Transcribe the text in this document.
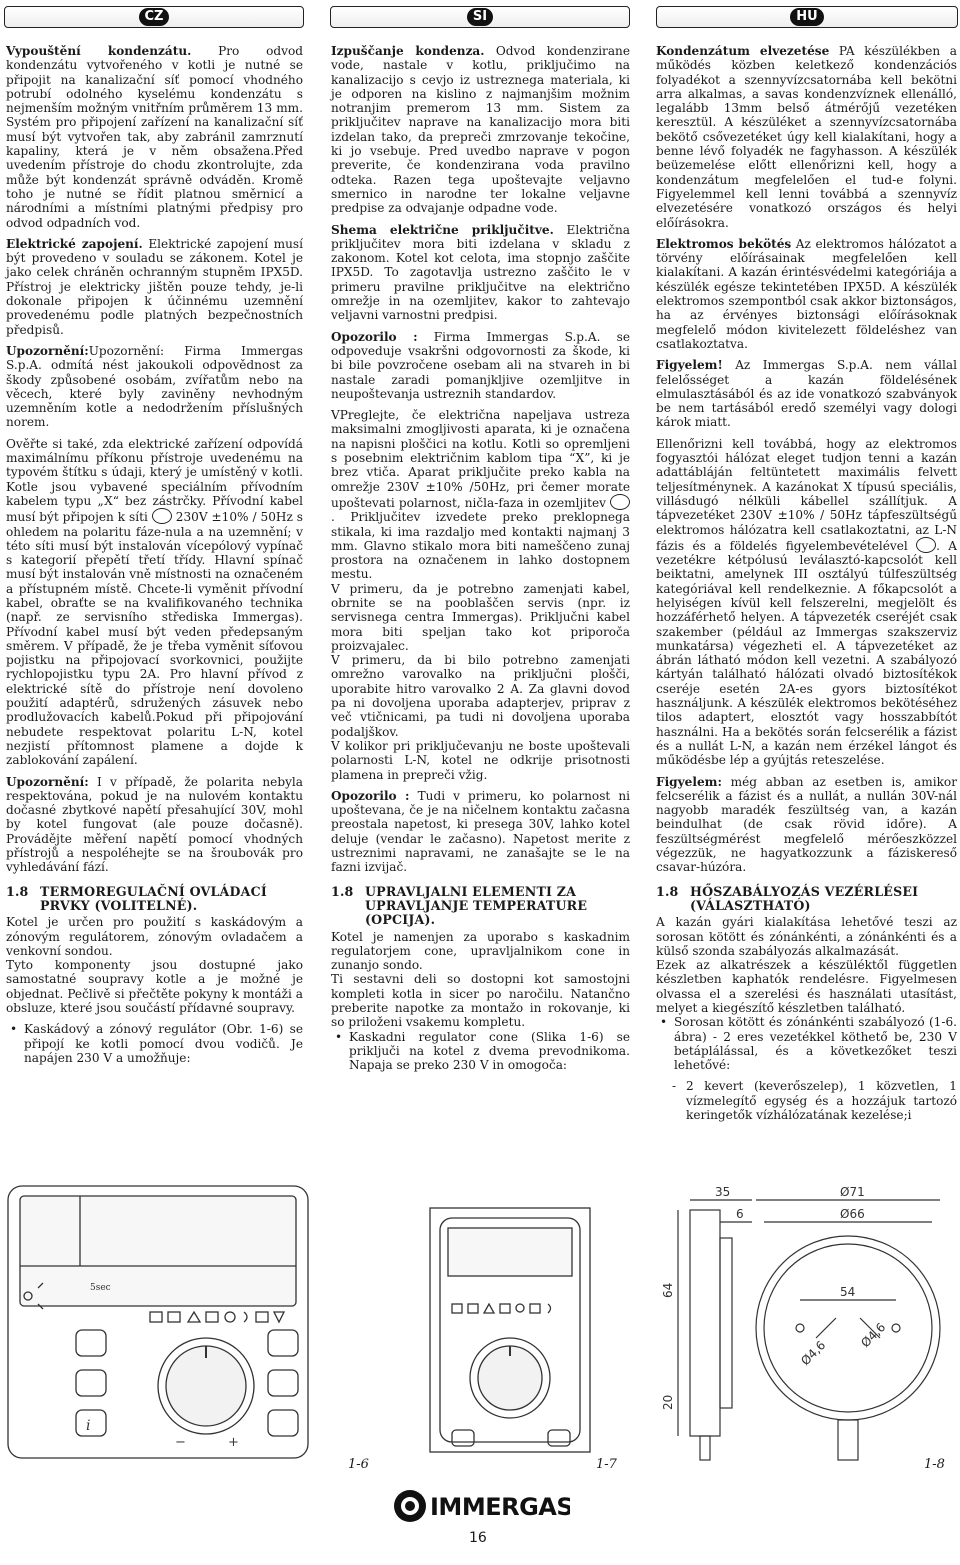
CZ	SI	HU

Vypouštění kondenzátu. Pro odvod kondenzátu vytvořeného v kotli je nutné se připojit na kanalizační síť pomocí vhodného potrubí odolného kyselému kondenzátu s nejmenším možným vnitřním průměrem 13 mm. Systém pro připojení zařízení na kanalizační síť musí být vytvořen tak, aby zabránil zamrznutí kapaliny, která je v něm obsažena.Před uvedením přístroje do chodu zkontrolujte, zda může být kondenzát správně odváděn. Kromě toho je nutné se řídit platnou směrnicí a národními a místními platnými předpisy pro odvod odpadních vod.

Elektrické zapojení. Elektrické zapojení musí být provedeno v souladu se zákonem. Kotel je jako celek chráněn ochranným stupněm IPX5D. Přístroj je elektricky jištěn pouze tehdy, je-li dokonale připojen k účinnému uzemnění provedenému podle platných bezpečnostních předpisů.

Upozornění:Upozornění: Firma Immergas S.p.A. odmítá nést jakoukoli odpovědnost za škody způsobené osobám, zvířatům nebo na věcech, které byly zaviněny nevhodným uzemněním kotle a nedodržením příslušných norem.

Ověřte si také, zda elektrické zařízení odpovídá maximálnímu příkonu přístroje uvedenému na typovém štítku s údaji, který je umístěný v kotli. Kotle jsou vybavené speciálním přívodním kabelem typu „X“ bez zástrčky. Přívodní kabel musí být připojen k síti  230V ±10% / 50Hz s ohledem na polaritu fáze-nula a na uzemnění; v této síti musí být instalován vícepólový vypínač s kategorií přepětí třetí třídy. Hlavní spínač musí být instalován vně místnosti na označeném a přístupném místě. Chcete-li vyměnit přívodní kabel, obraťte se na kvalifikovaného technika (např. ze servisního střediska Immergas). Přívodní kabel musí být veden předepsaným směrem. V případě, že je třeba vyměnit síťovou pojistku na připojovací svorkovnici, použijte rychlopojistku typu 2A. Pro hlavní přívod z elektrické sítě do přístroje není dovoleno použití adaptérů, sdružených zásuvek nebo prodlužovacích kabelů.Pokud při připojování nebudete respektovat polaritu L-N, kotel nezjistí přítomnost plamene a dojde k zablokování zapálení.

Upozornění: I v případě, že polarita nebyla respektována, pokud je na nulovém kontaktu dočasné zbytkové napětí přesahující 30V, mohl by kotel fungovat (ale pouze dočasně). Provádějte měření napětí pomocí vhodných přístrojů a nespoléhejte se na šroubovák pro vyhledávání fází.

1.8 TERMOREGULAČNÍ OVLÁDACÍ PRVKY (VOLITELNÉ).

Kotel je určen pro použití s kaskádovým a zónovým regulátorem, zónovým ovladačem a venkovní sondou.

Tyto komponenty jsou dostupné jako samostatné soupravy kotle a je možné je objednat. Pečlivě si přečtěte pokyny k montáži a obsluze, které jsou součástí přídavné soupravy.

• Kaskádový a zónový regulátor (Obr. 1-6) se připojí ke kotli pomocí dvou vodičů. Je napájen 230 V a umožňuje:

Izpuščanje kondenza. Odvod kondenzirane vode, nastale v kotlu, priključimo na kanalizacijo s cevjo iz ustreznega materiala, ki je odporen na kislino z najmanjšim možnim notranjim premerom 13 mm. Sistem za priključitev naprave na kanalizacijo mora biti izdelan tako, da prepreči zmrzovanje tekočine, ki jo vsebuje. Pred uvedbo naprave v pogon preverite, če kondenzirana voda pravilno odteka. Razen tega upoštevajte veljavno smernico in narodne ter lokalne veljavne predpise za odvajanje odpadne vode.

Shema električne priključitve. Električna priključitev mora biti izdelana v skladu z zakonom. Kotel kot celota, ima stopnjo zaščite IPX5D. To zagotavlja ustrezno zaščito le v primeru pravilne priključitve na električno omrežje in na ozemljitev, kakor to zahtevajo veljavni varnostni predpisi.

Opozorilo : Firma Immergas S.p.A. se odpoveduje vsakršni odgovornosti za škode, ki bi bile povzročene osebam ali na stvareh in bi nastale zaradi pomanjkljive ozemljitve in neupoštevanja ustreznih standardov.

VPreglejte, če električna napeljava ustreza maksimalni zmogljivosti aparata, ki je označena na napisni ploščici na kotlu. Kotli so opremljeni s posebnim električnim kablom tipa “X”, ki je brez vtiča. Aparat priključite preko kabla na omrežje 230V ±10% /50Hz, pri čemer morate upoštevati polarnost, ničla-faza in ozemljitev . Priključitev izvedete preko preklopnega stikala, ki ima razdaljo med kontakti najmanj 3 mm. Glavno stikalo mora biti nameščeno zunaj prostora na označenem in lahko dostopnem mestu.

V primeru, da je potrebno zamenjati kabel, obrnite se na pooblaščen servis (npr. iz servisnega centra Immergas). Priključni kabel mora biti speljan tako kot priporoča proizvajalec.

V primeru, da bi bilo potrebno zamenjati omrežno varovalko na priključni plošči, uporabite hitro varovalko 2 A. Za glavni dovod pa ni dovoljena uporaba adapterjev, priprav z več vtičnicami, pa tudi ni dovoljena uporaba podaljškov.

V kolikor pri priključevanju ne boste upoštevali polarnosti L-N, kotel ne odkrije prisotnosti plamena in prepreči vžig.

Opozorilo : Tudi v primeru, ko polarnost ni upoštevana, če je na ničelnem kontaktu začasna preostala napetost, ki presega 30V, lahko kotel deluje (vendar le začasno). Napetost merite z ustreznimi napravami, ne zanašajte se le na fazni izvijač.

1.8 UPRAVLJALNI ELEMENTI ZA UPRAVLJANJE TEMPERATURE (OPCIJA).

Kotel je namenjen za uporabo s kaskadnim regulatorjem cone, upravljalnikom cone in zunanjo sondo.

Ti sestavni deli so dostopni kot samostojni kompleti kotla in sicer po naročilu. Natančno preberite napotke za montažo in rokovanje, ki so priloženi vsakemu kompletu.

• Kaskadni regulator cone (Slika 1-6) se priključi na kotel z dvema prevodnikoma. Napaja se preko 230 V in omogoča:

Kondenzátum elvezetése PA készülékben a működés közben keletkező kondenzációs folyadékot a szennyvízcsatornába kell bekötni arra alkalmas, a savas kondenzvíznek ellenálló, legalább 13mm belső átmérőjű vezetéken keresztül. A készüléket a szennyvízcsatornába bekötő csővezetéket úgy kell kialakítani, hogy a benne lévő folyadék ne fagyhasson. A készülék beüzemelése előtt ellenőrizni kell, hogy a kondenzátum megfelelően el tud-e folyni. Figyelemmel kell lenni továbbá a szennyvíz elvezetésére vonatkozó országos és helyi előírásokra.

Elektromos bekötés Az elektromos hálózatot a törvény előírásainak megfelelően kell kialakítani. A kazán érintésvédelmi kategóriája a készülék egésze tekintetében IPX5D. A készülék elektromos szempontból csak akkor biztonságos, ha az érvényes biztonsági előírásoknak megfelelő módon kivitelezett földeléshez van csatlakoztatva.

Figyelem! Az Immergas S.p.A. nem vállal felelősséget a kazán földelésének elmulasztásából és az ide vonatkozó szabványok be nem tartásából eredő személyi vagy dologi károk miatt.

Ellenőrizni kell továbbá, hogy az elektromos fogyasztói hálózat eleget tudjon tenni a kazán adattábláján feltüntetett maximális felvett teljesítménynek. A kazánokat X típusú speciális, villásdugó nélküli kábellel szállítjuk. A tápvezetéket 230V ±10% / 50Hz tápfeszültségű elektromos hálózatra kell csatlakoztatni, az L-N fázis és a földelés figyelembevételével . A vezetékre kétpólusú leválasztó-kapcsolót kell beiktatni, amelynek III osztályú túlfeszültség kategóriával kell rendelkeznie. A főkapcsolót a helyiségen kívül kell felszerelni, megjelölt és hozzáférhető helyen. A tápvezeték cseréjét csak szakember (például az Immergas szakszerviz munkatársa) végezheti el. A tápvezetéket az ábrán látható módon kell vezetni. A szabályozó kártyán található hálózati olvadó biztosítékok cseréje esetén 2A-es gyors biztosítékot használjunk. A készülék elektromos bekötéséhez tilos adaptert, elosztót vagy hosszabbítót használni. Ha a bekötés során felcserélik a fázist és a nullát L-N, a kazán nem érzékel lángot és működésbe lép a gyújtás reteszelése.

Figyelem: még abban az esetben is, amikor felcserélik a fázist és a nullát, a nullán 30V-nál nagyobb maradék feszültség van, a kazán beindulhat (de csak rövid időre). A feszültségmérést megfelelő mérőeszközzel végezzük, ne hagyatkozzunk a fáziskereső csavar-húzóra.

1.8 HŐSZABÁLYOZÁS VEZÉRLÉSEI (VÁLASZTHATÓ)

A kazán gyári kialakítása lehetővé teszi az sorosan kötött és zónánkénti, a zónánkénti és a külső szonda szabályozás alkalmazását.

Ezek az alkatrészek a készüléktől független készletben kaphatók rendelésre. Figyelmesen olvassa el a szerelési és használati utasítást, melyet a kiegészítő készletben található.

• Sorosan kötött és zónánkénti szabályozó (1-6. ábra) - 2 eres vezetékkel köthető be, 230 V betáplálással, és a következőket teszi lehetővé:

- 2 kevert (keverőszelep), 1 közvetlen, 1 vízmelegítő egység és a hozzájuk tartozó keringetők vízhálózatának kezelése;i

5sec
−	+
i
1-6	1-7
35
6
Ø71
Ø66
54
64
20
Ø4,6
Ø4,6
1-8
IMMERGAS
16
